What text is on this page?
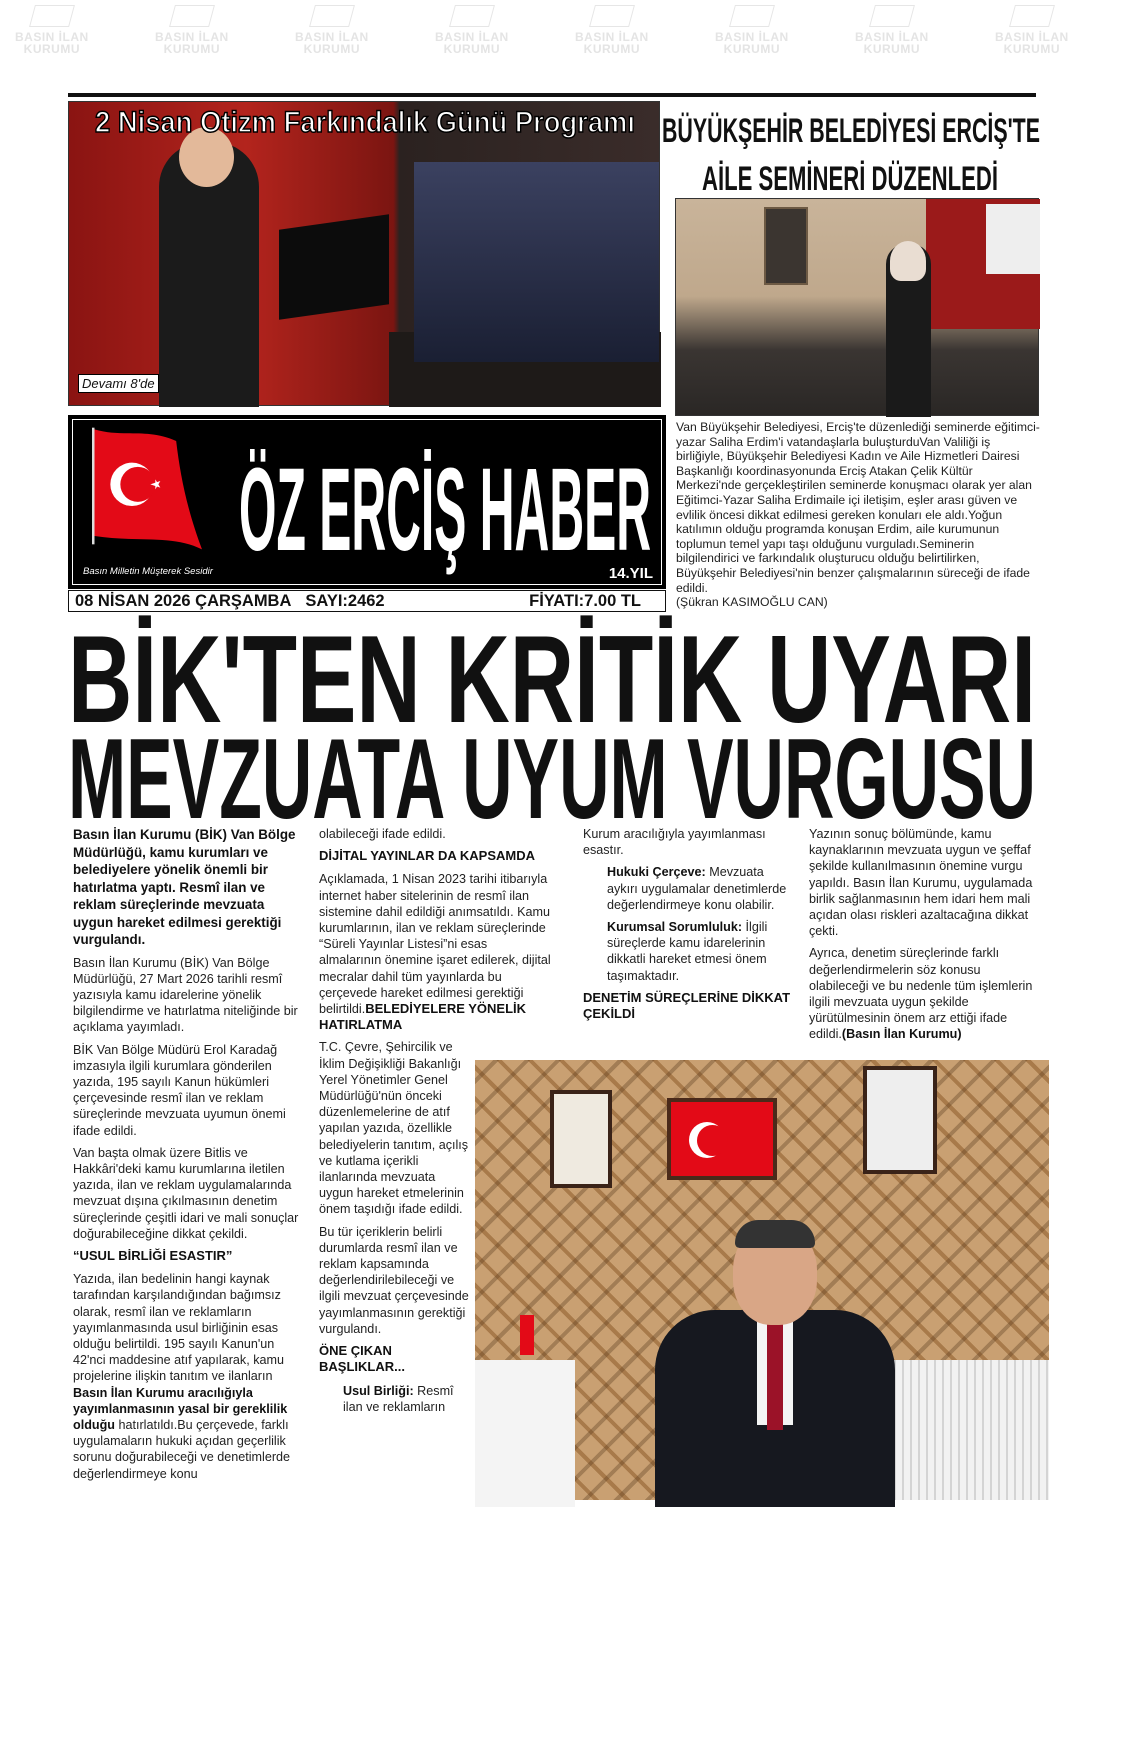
BASIN İLAN
KURUMU
BASIN İLAN
KURUMU
BASIN İLAN
KURUMU
BASIN İLAN
KURUMU
BASIN İLAN
KURUMU
BASIN İLAN
KURUMU
BASIN İLAN
KURUMU
BASIN İLAN
KURUMU
2 Nisan Otizm Farkındalık Günü Programı
Devamı 8'de
BÜYÜKŞEHİR BELEDİYESİ ERCİŞ'TE
AİLE SEMİNERİ DÜZENLEDİ
Van Büyükşehir Belediyesi, Erciş'te düzenlediği seminerde eğitimci-yazar Saliha Erdim'i vatandaşlarla buluşturduVan Valiliği iş birliğiyle, Büyükşehir Belediyesi Kadın ve Aile Hizmetleri Dairesi Başkanlığı koordinasyonunda Erciş Atakan Çelik Kültür Merkezi'nde gerçekleştirilen seminerde konuşmacı olarak yer alan Eğitimci-Yazar Saliha Erdimaile içi iletişim, eşler arası güven ve evlilik öncesi dikkat edilmesi gereken konuları ele aldı.Yoğun katılımın olduğu programda konuşan Erdim, aile kurumunun toplumun temel yapı taşı olduğunu vurguladı.Seminerin bilgilendirici ve farkındalık oluşturucu olduğu belirtilirken, Büyükşehir Belediyesi'nin benzer çalışmalarının süreceği de ifade edildi.
(Şükran KASIMOĞLU CAN)
Basın Milletin Müşterek Sesidir ÖZ ERCİŞ HABER
14.YIL
08 NİSAN 2026 ÇARŞAMBA SAYI:2462	FİYATI:7.00 TL
BİK'TEN KRİTİK UYARI
MEVZUATA UYUM VURGUSU
Basın İlan Kurumu (BİK) Van Bölge Müdürlüğü, kamu kurumları ve belediyelere yönelik önemli bir hatırlatma yaptı. Resmî ilan ve reklam süreçlerinde mevzuata uygun hareket edilmesi gerektiği vurgulandı.

Basın İlan Kurumu (BİK) Van Bölge Müdürlüğü, 27 Mart 2026 tarihli resmî yazısıyla kamu idarelerine yönelik bilgilendirme ve hatırlatma niteliğinde bir açıklama yayımladı.

BİK Van Bölge Müdürü Erol Karadağ imzasıyla ilgili kurumlara gönderilen yazıda, 195 sayılı Kanun hükümleri çerçevesinde resmî ilan ve reklam süreçlerinde mevzuata uyumun önemi ifade edildi.

Van başta olmak üzere Bitlis ve Hakkâri'deki kamu kurumlarına iletilen yazıda, ilan ve reklam uygulamalarında mevzuat dışına çıkılmasının denetim süreçlerinde çeşitli idari ve mali sonuçlar doğurabileceğine dikkat çekildi.

“USUL BİRLİĞİ ESASTIR”

Yazıda, ilan bedelinin hangi kaynak tarafından karşılandığından bağımsız olarak, resmî ilan ve reklamların yayımlanmasında usul birliğinin esas olduğu belirtildi. 195 sayılı Kanun'un 42'nci maddesine atıf yapılarak, kamu projelerine ilişkin tanıtım ve ilanların Basın İlan Kurumu aracılığıyla yayımlanmasının yasal bir gereklilik olduğu hatırlatıldı.Bu çerçevede, farklı uygulamaların hukuki açıdan geçerlilik sorunu doğurabileceği ve denetimlerde değerlendirmeye konu

olabileceği ifade edildi.

DİJİTAL YAYINLAR DA KAPSAMDA

Açıklamada, 1 Nisan 2023 tarihi itibarıyla internet haber sitelerinin de resmî ilan sistemine dahil edildiği anımsatıldı. Kamu kurumlarının, ilan ve reklam süreçlerinde “Süreli Yayınlar Listesi”ni esas almalarının önemine işaret edilerek, dijital mecralar dahil tüm yayınlarda bu çerçevede hareket edilmesi gerektiği belirtildi.BELEDİYELERE YÖNELİK HATIRLATMA

T.C. Çevre, Şehircilik ve İklim Değişikliği Bakanlığı Yerel Yönetimler Genel Müdürlüğü'nün önceki düzenlemelerine de atıf yapılan yazıda, özellikle belediyelerin tanıtım, açılış ve kutlama içerikli ilanlarında mevzuata uygun hareket etmelerinin önem taşıdığı ifade edildi.

Bu tür içeriklerin belirli durumlarda resmî ilan ve reklam kapsamında değerlendirilebileceği ve ilgili mevzuat çerçevesinde yayımlanmasının gerektiği vurgulandı.

ÖNE ÇIKAN BAŞLIKLAR...

Usul Birliği: Resmî ilan ve reklamların

Kurum aracılığıyla yayımlanması esastır.

Hukuki Çerçeve: Mevzuata aykırı uygulamalar denetimlerde değerlendirmeye konu olabilir.

Kurumsal Sorumluluk: İlgili süreçlerde kamu idarelerinin dikkatli hareket etmesi önem taşımaktadır.

DENETİM SÜREÇLERİNE DİKKAT ÇEKİLDİ

Yazının sonuç bölümünde, kamu kaynaklarının mevzuata uygun ve şeffaf şekilde kullanılmasının önemine vurgu yapıldı. Basın İlan Kurumu, uygulamada birlik sağlanmasının hem idari hem mali açıdan olası riskleri azaltacağına dikkat çekti.

Ayrıca, denetim süreçlerinde farklı değerlendirmelerin söz konusu olabileceği ve bu nedenle tüm işlemlerin ilgili mevzuata uygun şekilde yürütülmesinin önem arz ettiği ifade edildi.(Basın İlan Kurumu)
